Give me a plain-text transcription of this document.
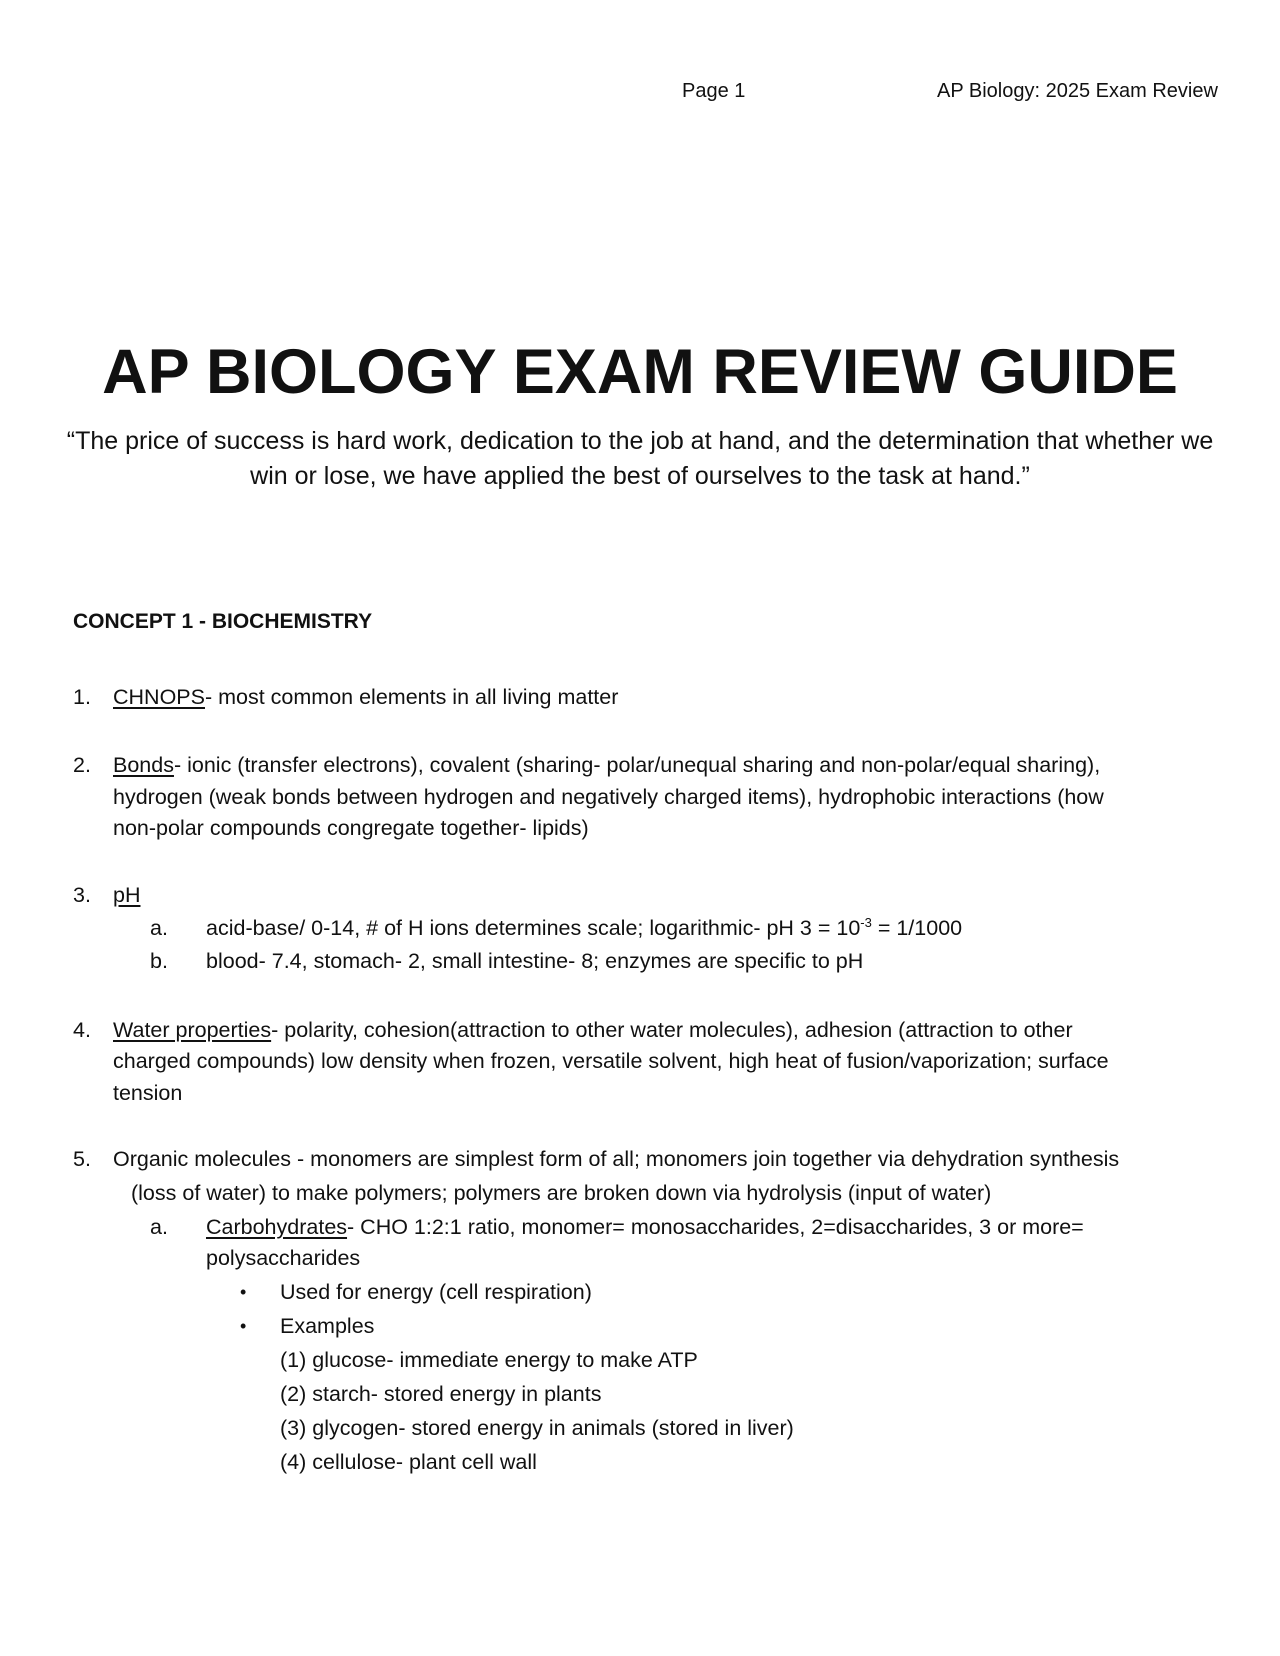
Page 1	AP Biology: 2025 Exam Review
AP BIOLOGY EXAM REVIEW GUIDE
“The price of success is hard work, dedication to the job at hand, and the determination that whether we win or lose, we have applied the best of ourselves to the task at hand.”
CONCEPT 1 - BIOCHEMISTRY
1. CHNOPS- most common elements in all living matter
2. Bonds- ionic (transfer electrons), covalent (sharing- polar/unequal sharing and non-polar/equal sharing),
hydrogen (weak bonds between hydrogen and negatively charged items), hydrophobic interactions (how
non-polar compounds congregate together- lipids)
3. pH
a. acid-base/ 0-14, # of H ions determines scale; logarithmic- pH $3 = 10^{-3} = 1/1000$
b. blood- 7.4, stomach- 2, small intestine- 8; enzymes are specific to pH
4. Water properties- polarity, cohesion(attraction to other water molecules), adhesion (attraction to other
charged compounds) low density when frozen, versatile solvent, high heat of fusion/vaporization; surface
tension
5. Organic molecules - monomers are simplest form of all; monomers join together via dehydration synthesis
(loss of water) to make polymers; polymers are broken down via hydrolysis (input of water)
a. Carbohydrates- CHO 1:2:1 ratio, monomer= monosaccharides, 2=disaccharides, 3 or more=
polysaccharides
• Used for energy (cell respiration)
• Examples
(1) glucose- immediate energy to make ATP
(2) starch- stored energy in plants
(3) glycogen- stored energy in animals (stored in liver)
(4) cellulose- plant cell wall
